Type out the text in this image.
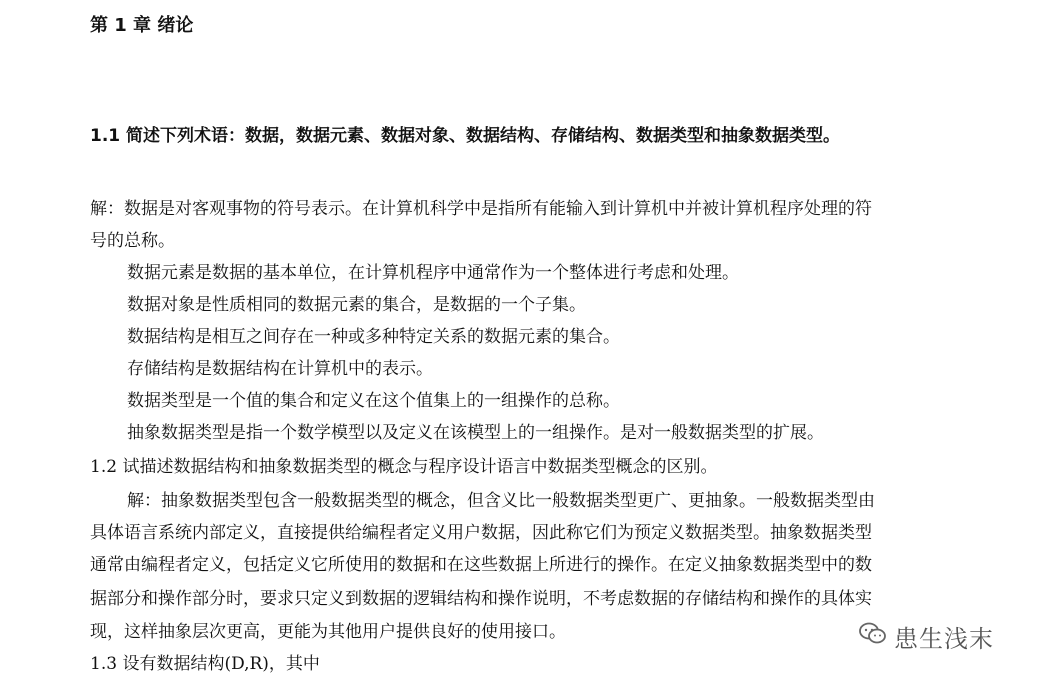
第 1 章 绪论
1.1 简述下列术语：数据，数据元素、数据对象、数据结构、存储结构、数据类型和抽象数据类型。
解：数据是对客观事物的符号表示。在计算机科学中是指所有能输入到计算机中并被计算机程序处理的符
号的总称。
数据元素是数据的基本单位，在计算机程序中通常作为一个整体进行考虑和处理。
数据对象是性质相同的数据元素的集合，是数据的一个子集。
数据结构是相互之间存在一种或多种特定关系的数据元素的集合。
存储结构是数据结构在计算机中的表示。
数据类型是一个值的集合和定义在这个值集上的一组操作的总称。
抽象数据类型是指一个数学模型以及定义在该模型上的一组操作。是对一般数据类型的扩展。
1.2 试描述数据结构和抽象数据类型的概念与程序设计语言中数据类型概念的区别。
解：抽象数据类型包含一般数据类型的概念，但含义比一般数据类型更广、更抽象。一般数据类型由
具体语言系统内部定义，直接提供给编程者定义用户数据，因此称它们为预定义数据类型。抽象数据类型
通常由编程者定义，包括定义它所使用的数据和在这些数据上所进行的操作。在定义抽象数据类型中的数
据部分和操作部分时，要求只定义到数据的逻辑结构和操作说明，不考虑数据的存储结构和操作的具体实
现，这样抽象层次更高，更能为其他用户提供良好的使用接口。
1.3 设有数据结构(D,R)，其中
患生浅末
